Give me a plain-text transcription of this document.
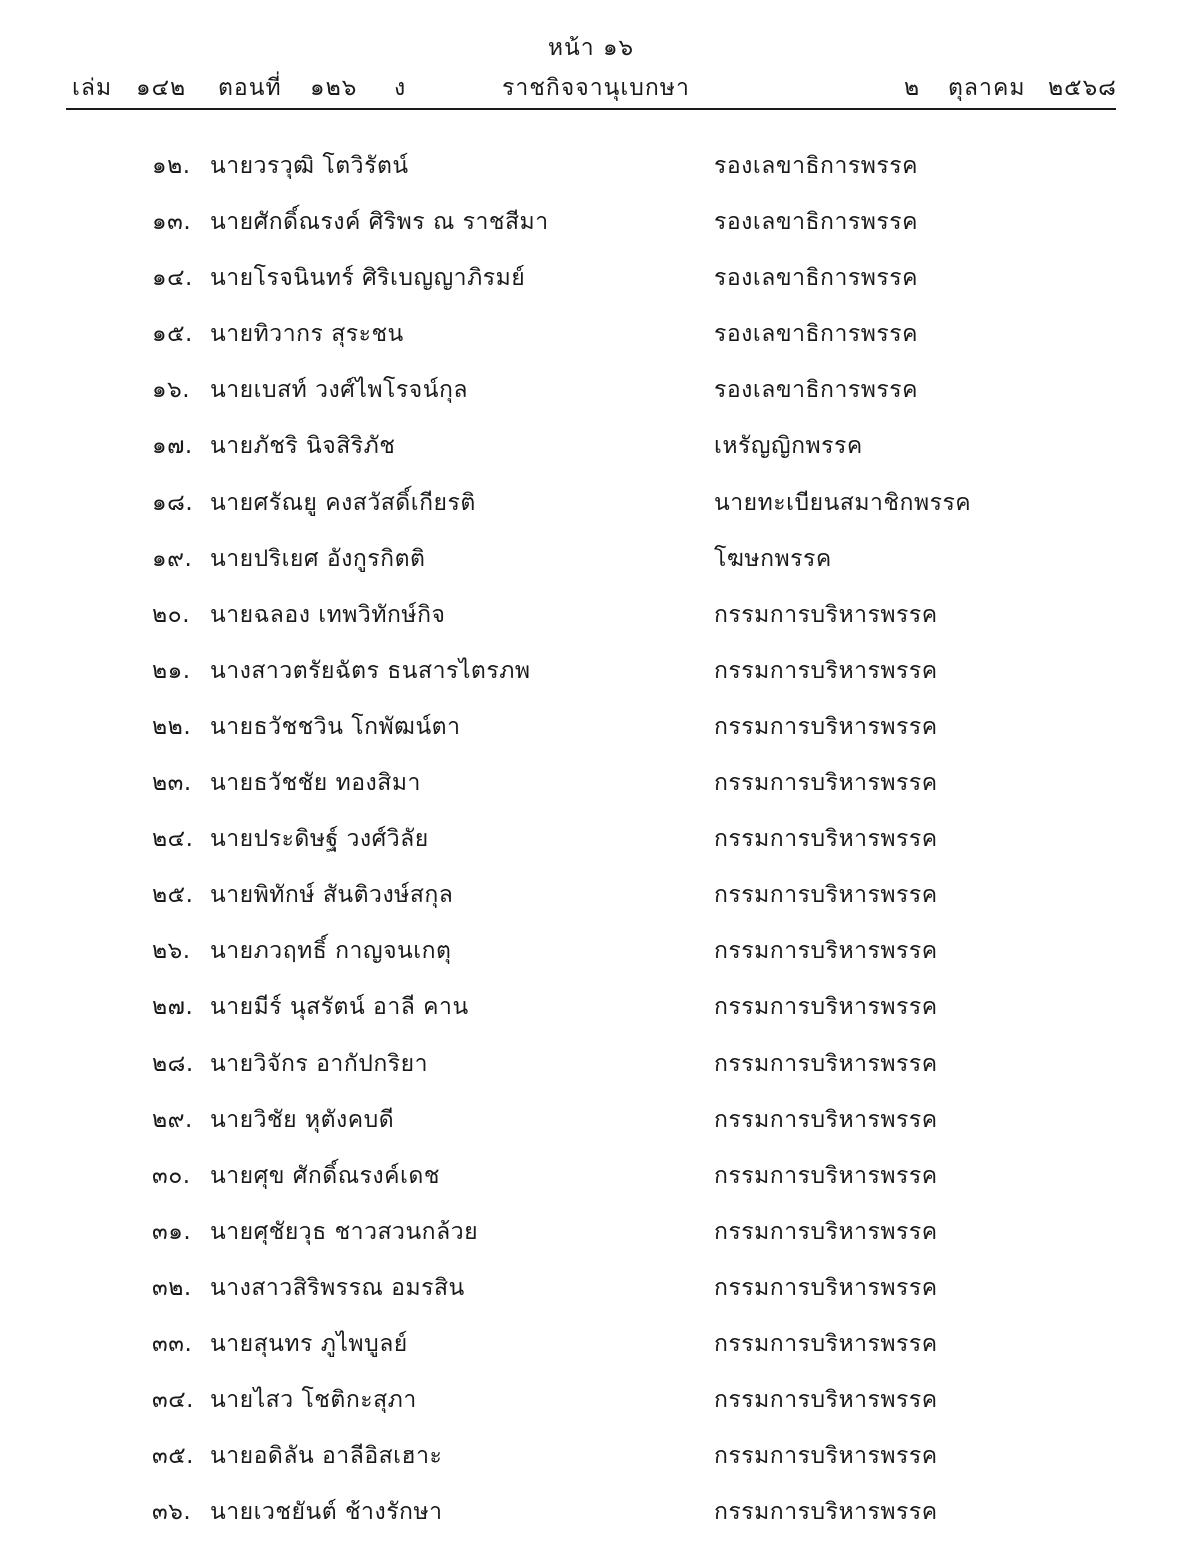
หน้า ๑๖
เล่ม ๑๔๒ ตอนที่ ๑๒๖ ง	ราชกิจจานุเบกษา	๒ ตุลาคม ๒๕๖๘
๑๒. นายวรวุฒิ โตวิรัตน์	รองเลขาธิการพรรค
๑๓. นายศักดิ์ณรงค์ ศิริพร ณ ราชสีมา	รองเลขาธิการพรรค
๑๔. นายโรจนินทร์ ศิริเบญญาภิรมย์	รองเลขาธิการพรรค
๑๕. นายทิวากร สุระชน	รองเลขาธิการพรรค
๑๖. นายเบสท์ วงศ์ไพโรจน์กุล	รองเลขาธิการพรรค
๑๗. นายภัชริ นิจสิริภัช	เหรัญญิกพรรค
๑๘. นายศรัณยู คงสวัสดิ์เกียรติ	นายทะเบียนสมาชิกพรรค
๑๙. นายปริเยศ อังกูรกิตติ	โฆษกพรรค
๒๐. นายฉลอง เทพวิทักษ์กิจ	กรรมการบริหารพรรค
๒๑. นางสาวตรัยฉัตร ธนสารไตรภพ	กรรมการบริหารพรรค
๒๒. นายธวัชชวิน โกพัฒน์ตา	กรรมการบริหารพรรค
๒๓. นายธวัชชัย ทองสิมา	กรรมการบริหารพรรค
๒๔. นายประดิษฐ์ วงศ์วิลัย	กรรมการบริหารพรรค
๒๕. นายพิทักษ์ สันติวงษ์สกุล	กรรมการบริหารพรรค
๒๖. นายภวฤทธิ์ กาญจนเกตุ	กรรมการบริหารพรรค
๒๗. นายมีร์ นุสรัตน์ อาลี คาน	กรรมการบริหารพรรค
๒๘. นายวิจักร อากัปกริยา	กรรมการบริหารพรรค
๒๙. นายวิชัย หุตังคบดี	กรรมการบริหารพรรค
๓๐. นายศุข ศักดิ์ณรงค์เดช	กรรมการบริหารพรรค
๓๑. นายศุชัยวุธ ชาวสวนกล้วย	กรรมการบริหารพรรค
๓๒. นางสาวสิริพรรณ อมรสิน	กรรมการบริหารพรรค
๓๓. นายสุนทร ภูไพบูลย์	กรรมการบริหารพรรค
๓๔. นายไสว โชติกะสุภา	กรรมการบริหารพรรค
๓๕. นายอดิลัน อาลีอิสเฮาะ	กรรมการบริหารพรรค
๓๖. นายเวชยันต์ ช้างรักษา	กรรมการบริหารพรรค
